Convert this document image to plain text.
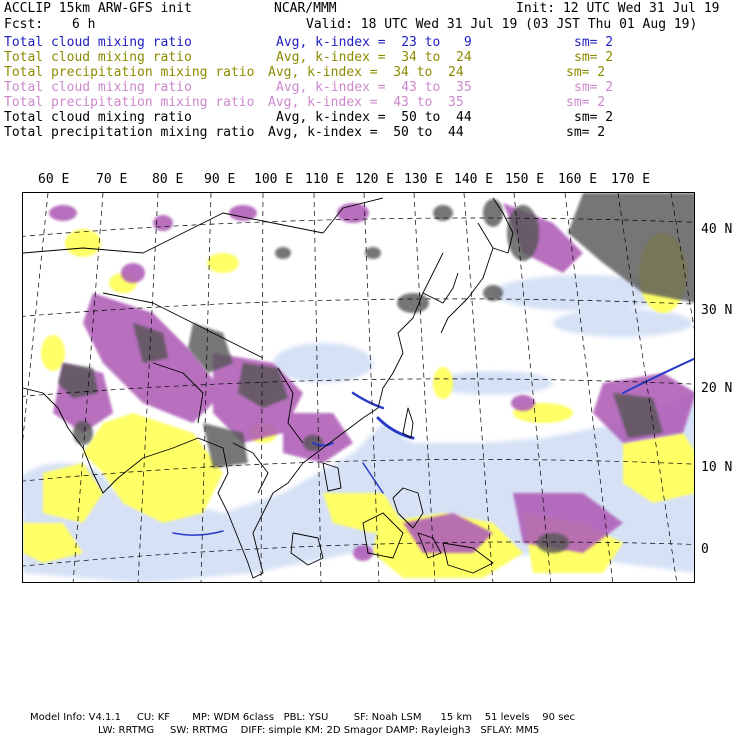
ACCLIP 15km ARW-GFS init	NCAR/MMM	Init: 12 UTC Wed 31 Jul 19
Fcst: 6 h	Valid: 18 UTC Wed 31 Jul 19 (03 JST Thu 01 Aug 19)
Total cloud mixing ratio	Avg, k-index =  23 to   9	sm= 2
Total cloud mixing ratio	Avg, k-index =  34 to  24	sm= 2
Total precipitation mixing ratio Avg, k-index =  34 to  24	sm= 2
Total cloud mixing ratio	Avg, k-index =  43 to  35	sm= 2
Total precipitation mixing ratio Avg, k-index =  43 to  35	sm= 2
Total cloud mixing ratio	Avg, k-index =  50 to  44	sm= 2
Total precipitation mixing ratio Avg, k-index =  50 to  44	sm= 2
60 E 70 E 80 E 90 E 100 E 110 E 120 E 130 E 140 E 150 E 160 E 170 E
40 N
30 N
20 N
10 N
0
Model Info: V4.1.1     CU: KF       MP: WDM 6class   PBL: YSU        SF: Noah LSM      15 km    51 levels    90 sec
LW: RRTMG     SW: RRTMG    DIFF: simple KM: 2D Smagor DAMP: Rayleigh3   SFLAY: MM5
